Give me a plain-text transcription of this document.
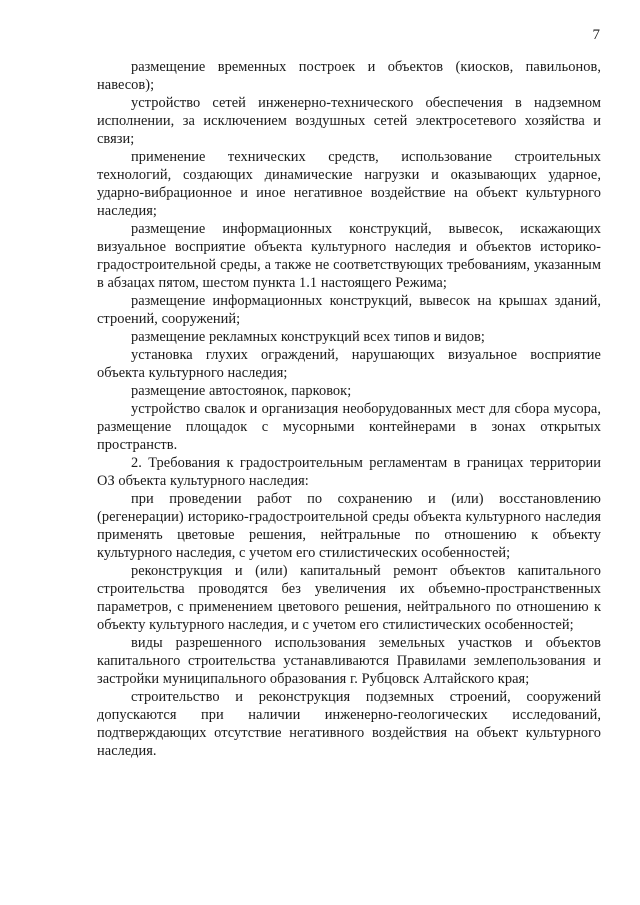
7

размещение временных построек и объектов (киосков, павильонов, навесов);

устройство сетей инженерно-технического обеспечения в надземном исполнении, за исключением воздушных сетей электросетевого хозяйства и связи;

применение технических средств, использование строительных технологий, создающих динамические нагрузки и оказывающих ударное, ударно-вибрационное и иное негативное воздействие на объект культурного наследия;

размещение информационных конструкций, вывесок, искажающих визуальное восприятие объекта культурного наследия и объектов историко-градостроительной среды, а также не соответствующих требованиям, указанным в абзацах пятом, шестом пункта 1.1 настоящего Режима;

размещение информационных конструкций, вывесок на крышах зданий, строений, сооружений;

размещение рекламных конструкций всех типов и видов;

установка глухих ограждений, нарушающих визуальное восприятие объекта культурного наследия;

размещение автостоянок, парковок;

устройство свалок и организация необорудованных мест для сбора мусора, размещение площадок с мусорными контейнерами в зонах открытых пространств.

2. Требования к градостроительным регламентам в границах территории ОЗ объекта культурного наследия:

при проведении работ по сохранению и (или) восстановлению (регенерации) историко-градостроительной среды объекта культурного наследия применять цветовые решения, нейтральные по отношению к объекту культурного наследия, с учетом его стилистических особенностей;

реконструкция и (или) капитальный ремонт объектов капитального строительства проводятся без увеличения их объемно-пространственных параметров, с применением цветового решения, нейтрального по отношению к объекту культурного наследия, и с учетом его стилистических особенностей;

виды разрешенного использования земельных участков и объектов капитального строительства устанавливаются Правилами землепользования и застройки муниципального образования г. Рубцовск Алтайского края;

строительство и реконструкция подземных строений, сооружений допускаются при наличии инженерно-геологических исследований, подтверждающих отсутствие негативного воздействия на объект культурного наследия.
